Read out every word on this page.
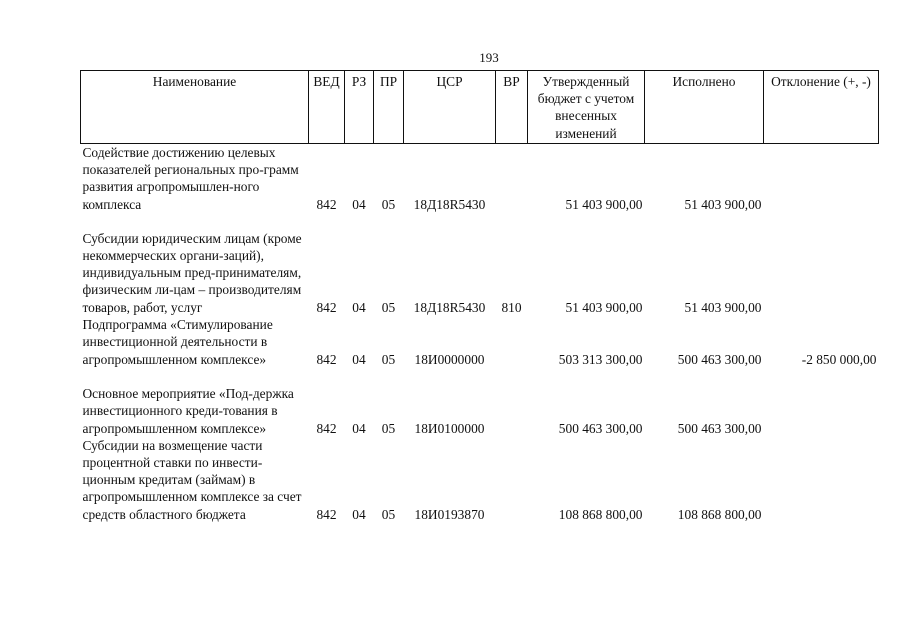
193
Наименование	ВЕД	РЗ	ПР	ЦСР	ВР	Утвержденный бюджет с учетом внесенных изменений	Исполнено	Отклонение (+, -)
Содействие достижению целевых показателей региональных про-грамм развития агропромышлен-ного комплекса	842	04	05	18Д18R5430		51 403 900,00	51 403 900,00	
Субсидии юридическим лицам (кроме некоммерческих органи-заций), индивидуальным пред-принимателям, физическим ли-цам – производителям товаров, работ, услуг	842	04	05	18Д18R5430	810	51 403 900,00	51 403 900,00	
Подпрограмма «Стимулирование инвестиционной деятельности в агропромышленном комплексе»	842	04	05	18И0000000		503 313 300,00	500 463 300,00	-2 850 000,00
Основное мероприятие «Под-держка инвестиционного креди-тования в агропромышленном комплексе»	842	04	05	18И0100000		500 463 300,00	500 463 300,00	
Субсидии на возмещение части процентной ставки по инвести-ционным кредитам (займам) в агропромышленном комплексе за счет средств областного бюджета	842	04	05	18И0193870		108 868 800,00	108 868 800,00	
